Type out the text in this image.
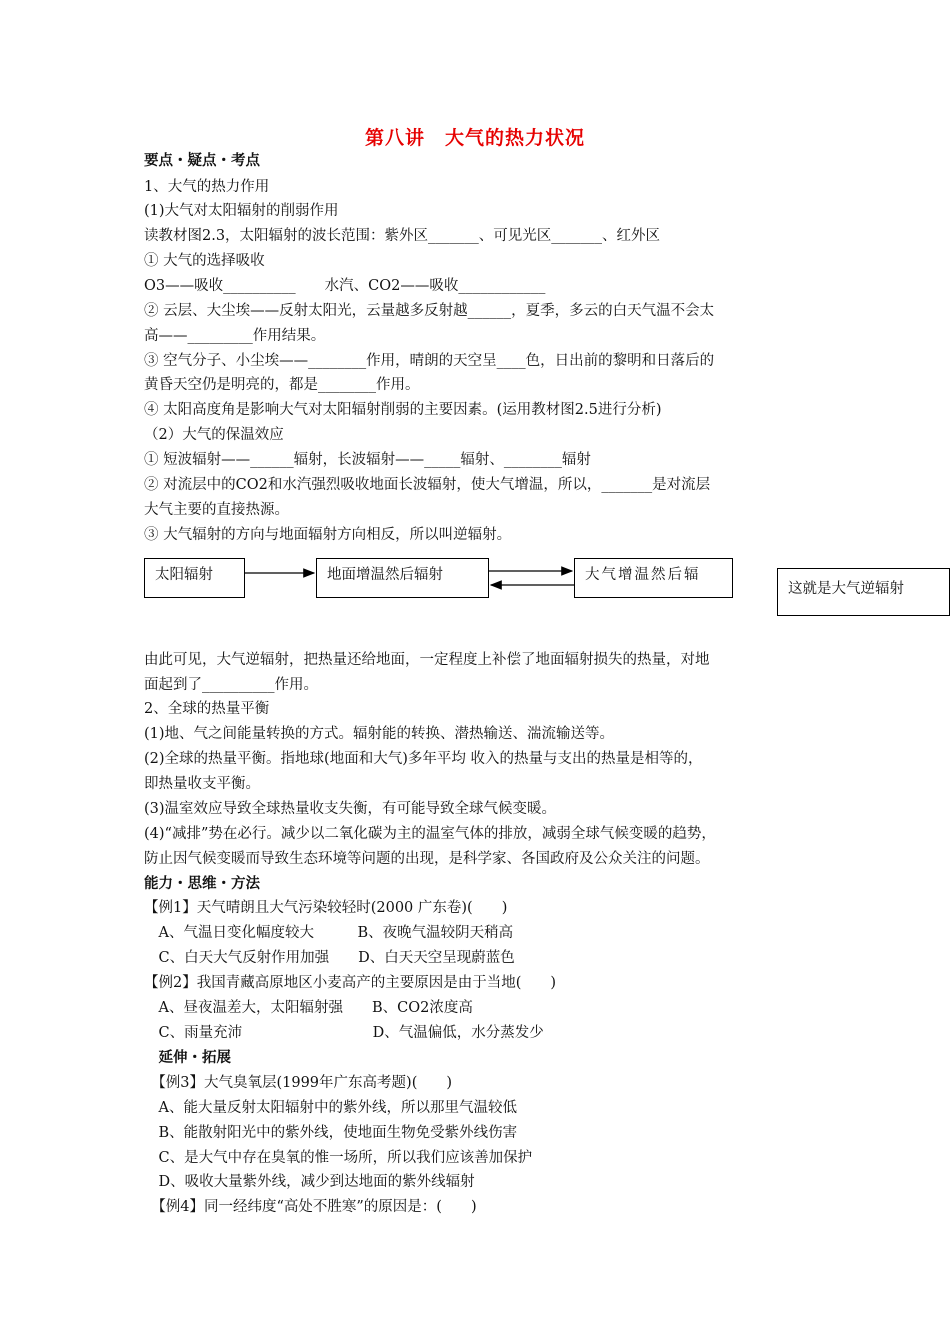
第八讲　大气的热力状况
要点・疑点・考点
1、大气的热力作用
(1)大气对太阳辐射的削弱作用
读教材图2.3，太阳辐射的波长范围：紫外区_______、可见光区_______、红外区
① 大气的选择吸收
O3——吸收__________　　水汽、CO2——吸收____________
② 云层、大尘埃——反射太阳光，云量越多反射越______，夏季，多云的白天气温不会太
高——_________作用结果。
③ 空气分子、小尘埃——________作用，晴朗的天空呈____色，日出前的黎明和日落后的
黄昏天空仍是明亮的，都是________作用。
④ 太阳高度角是影响大气对太阳辐射削弱的主要因素。(运用教材图2.5进行分析)
（2）大气的保温效应
① 短波辐射——______辐射，长波辐射——_____辐射、________辐射
② 对流层中的CO2和水汽强烈吸收地面长波辐射，使大气增温，所以，_______是对流层
大气主要的直接热源。
③ 大气辐射的方向与地面辐射方向相反，所以叫逆辐射。
由此可见，大气逆辐射，把热量还给地面，一定程度上补偿了地面辐射损失的热量，对地
面起到了__________作用。
2、全球的热量平衡
(1)地、气之间能量转换的方式。辐射能的转换、潜热输送、湍流输送等。
(2)全球的热量平衡。指地球(地面和大气)多年平均 收入的热量与支出的热量是相等的，
即热量收支平衡。
(3)温室效应导致全球热量收支失衡，有可能导致全球气候变暖。
(4)“减排”势在必行。减少以二氧化碳为主的温室气体的排放，减弱全球气候变暖的趋势，
防止因气候变暖而导致生态环境等问题的出现，是科学家、各国政府及公众关注的问题。
能力・思维・方法
【例1】天气晴朗且大气污染较轻时(2000 广东卷)(　　)
　A、气温日变化幅度较大　　　B、夜晚气温较阴天稍高
　C、白天大气反射作用加强　　D、白天天空呈现蔚蓝色
【例2】我国青藏高原地区小麦高产的主要原因是由于当地(　　)
　A、昼夜温差大，太阳辐射强　　B、CO2浓度高
　C、雨量充沛　　　　　　　　　D、气温偏低，水分蒸发少
　延伸・拓展
　【例3】大气臭氧层(1999年广东高考题)(　　)
　A、能大量反射太阳辐射中的紫外线，所以那里气温较低
　B、能散射阳光中的紫外线，使地面生物免受紫外线伤害
　C、是大气中存在臭氧的惟一场所，所以我们应该善加保护
　D、吸收大量紫外线，减少到达地面的紫外线辐射
　【例4】同一经纬度“高处不胜寒”的原因是：(　　)
太阳辐射	地面增温然后辐射	大气增温然后辐
这就是大气逆辐射
